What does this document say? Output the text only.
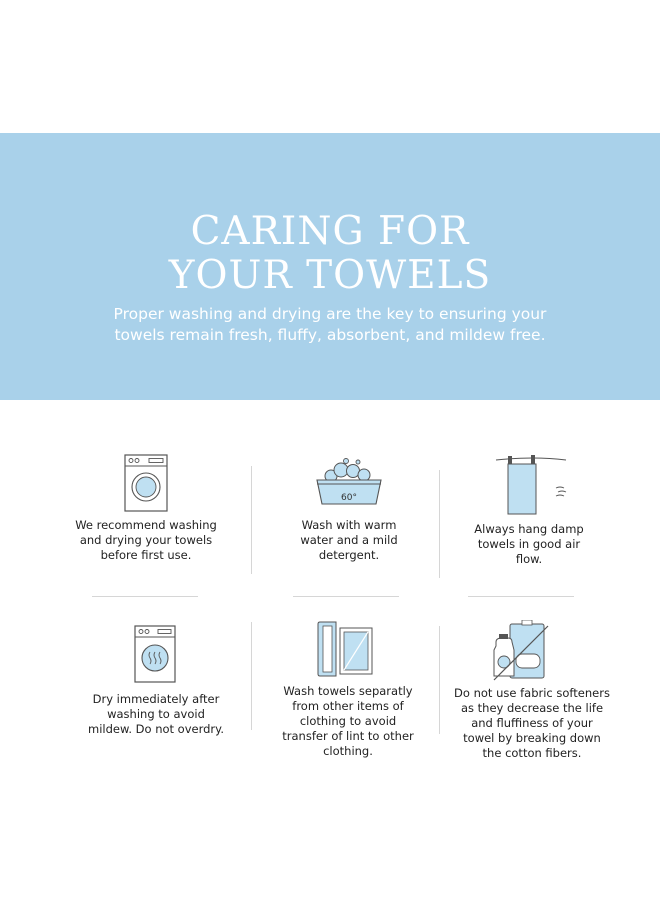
CARING FOR
YOUR TOWELS
Proper washing and drying are the key to ensuring your towels remain fresh, fluffy, absorbent, and mildew free.
We recommend washing and drying your towels before first use.
60°
Wash with warm water and a mild detergent.
Always hang damp towels in good air flow.
Dry immediately after washing to avoid mildew. Do not overdry.
Wash towels separatly from other items of clothing to avoid transfer of lint to other clothing.
Do not use fabric softeners as they decrease the life and fluffiness of your towel by breaking down the cotton fibers.
